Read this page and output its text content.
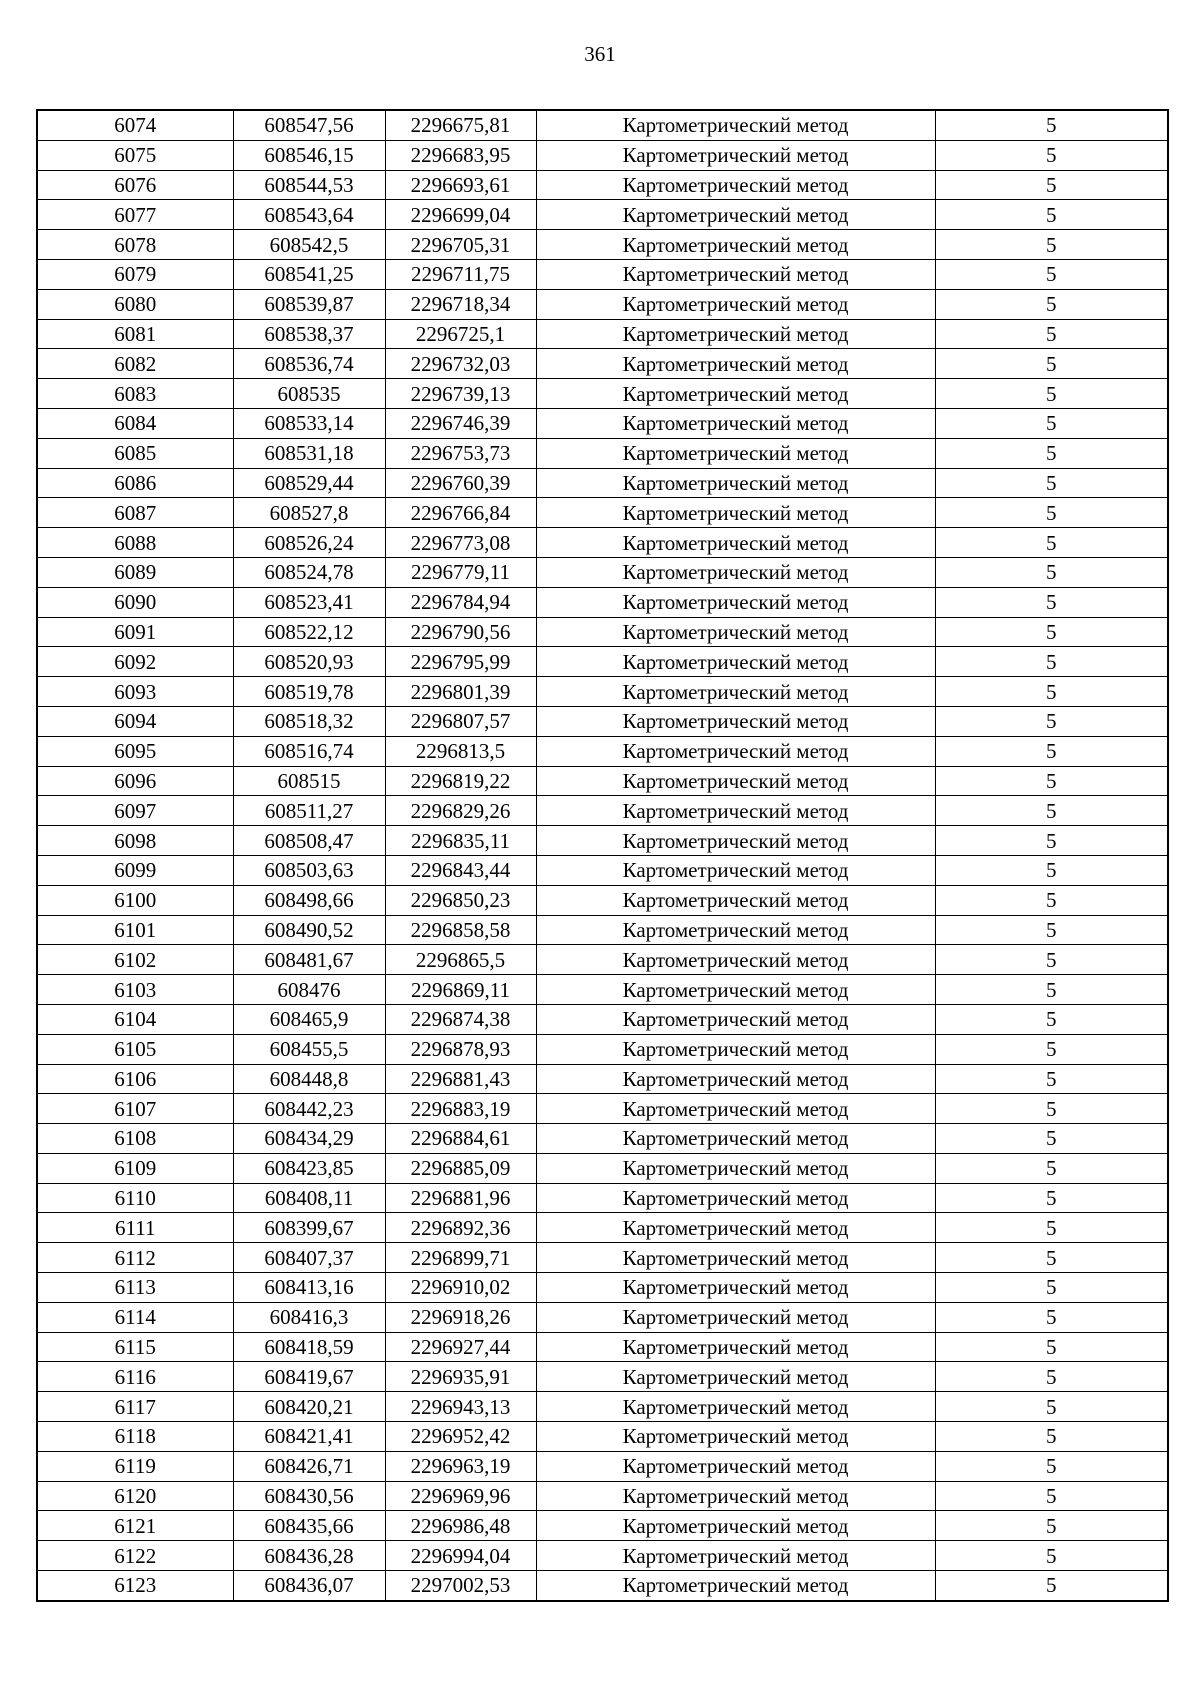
361
6074	608547,56	2296675,81	Картометрический метод	5
6075	608546,15	2296683,95	Картометрический метод	5
6076	608544,53	2296693,61	Картометрический метод	5
6077	608543,64	2296699,04	Картометрический метод	5
6078	608542,5	2296705,31	Картометрический метод	5
6079	608541,25	2296711,75	Картометрический метод	5
6080	608539,87	2296718,34	Картометрический метод	5
6081	608538,37	2296725,1	Картометрический метод	5
6082	608536,74	2296732,03	Картометрический метод	5
6083	608535	2296739,13	Картометрический метод	5
6084	608533,14	2296746,39	Картометрический метод	5
6085	608531,18	2296753,73	Картометрический метод	5
6086	608529,44	2296760,39	Картометрический метод	5
6087	608527,8	2296766,84	Картометрический метод	5
6088	608526,24	2296773,08	Картометрический метод	5
6089	608524,78	2296779,11	Картометрический метод	5
6090	608523,41	2296784,94	Картометрический метод	5
6091	608522,12	2296790,56	Картометрический метод	5
6092	608520,93	2296795,99	Картометрический метод	5
6093	608519,78	2296801,39	Картометрический метод	5
6094	608518,32	2296807,57	Картометрический метод	5
6095	608516,74	2296813,5	Картометрический метод	5
6096	608515	2296819,22	Картометрический метод	5
6097	608511,27	2296829,26	Картометрический метод	5
6098	608508,47	2296835,11	Картометрический метод	5
6099	608503,63	2296843,44	Картометрический метод	5
6100	608498,66	2296850,23	Картометрический метод	5
6101	608490,52	2296858,58	Картометрический метод	5
6102	608481,67	2296865,5	Картометрический метод	5
6103	608476	2296869,11	Картометрический метод	5
6104	608465,9	2296874,38	Картометрический метод	5
6105	608455,5	2296878,93	Картометрический метод	5
6106	608448,8	2296881,43	Картометрический метод	5
6107	608442,23	2296883,19	Картометрический метод	5
6108	608434,29	2296884,61	Картометрический метод	5
6109	608423,85	2296885,09	Картометрический метод	5
6110	608408,11	2296881,96	Картометрический метод	5
6111	608399,67	2296892,36	Картометрический метод	5
6112	608407,37	2296899,71	Картометрический метод	5
6113	608413,16	2296910,02	Картометрический метод	5
6114	608416,3	2296918,26	Картометрический метод	5
6115	608418,59	2296927,44	Картометрический метод	5
6116	608419,67	2296935,91	Картометрический метод	5
6117	608420,21	2296943,13	Картометрический метод	5
6118	608421,41	2296952,42	Картометрический метод	5
6119	608426,71	2296963,19	Картометрический метод	5
6120	608430,56	2296969,96	Картометрический метод	5
6121	608435,66	2296986,48	Картометрический метод	5
6122	608436,28	2296994,04	Картометрический метод	5
6123	608436,07	2297002,53	Картометрический метод	5
